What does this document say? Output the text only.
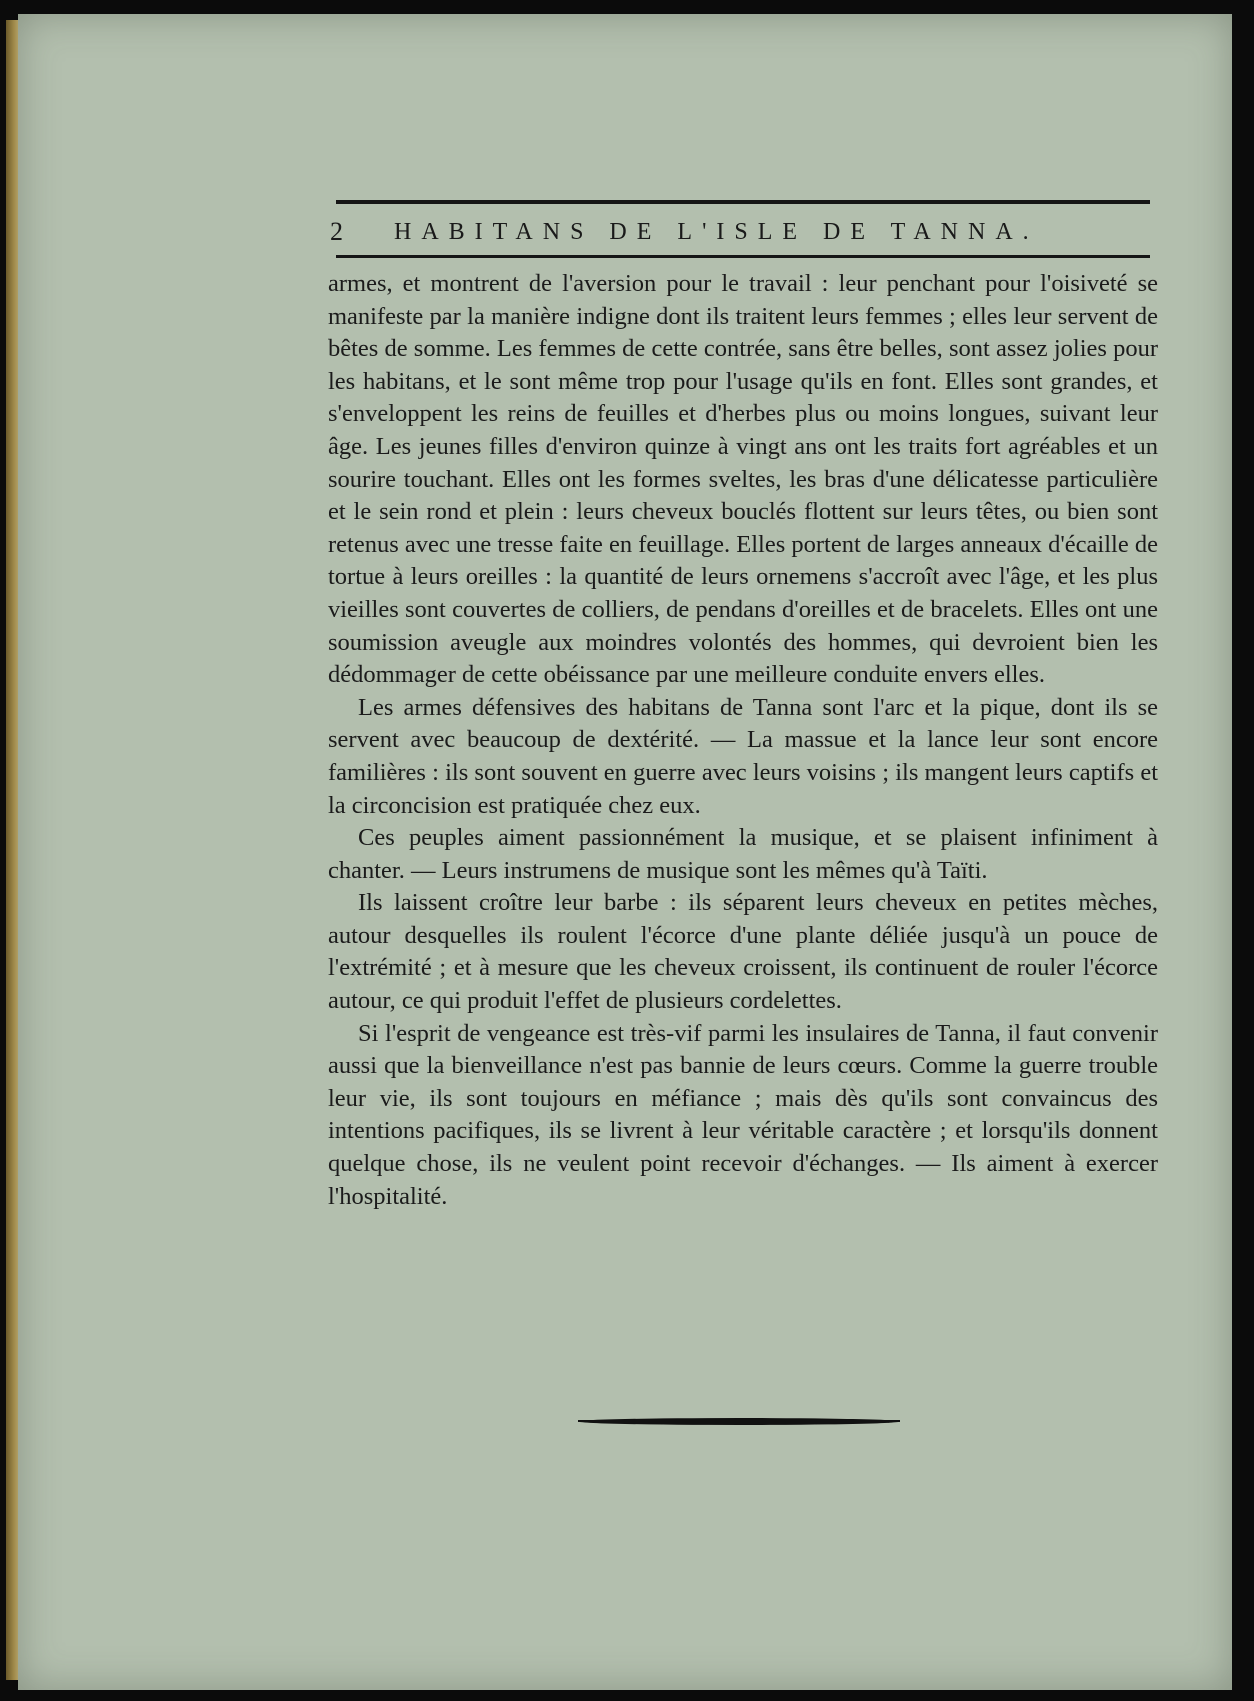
2 HABITANS DE L'ISLE DE TANNA.

armes, et montrent de l'aversion pour le travail : leur penchant pour l'oisiveté se manifeste par la manière indigne dont ils traitent leurs femmes ; elles leur servent de bêtes de somme. Les femmes de cette contrée, sans être belles, sont assez jolies pour les habitans, et le sont même trop pour l'usage qu'ils en font. Elles sont grandes, et s'enveloppent les reins de feuilles et d'herbes plus ou moins longues, suivant leur âge. Les jeunes filles d'environ quinze à vingt ans ont les traits fort agréables et un sourire touchant. Elles ont les formes sveltes, les bras d'une délicatesse particulière et le sein rond et plein : leurs cheveux bouclés flottent sur leurs têtes, ou bien sont retenus avec une tresse faite en feuillage. Elles portent de larges anneaux d'écaille de tortue à leurs oreilles : la quantité de leurs ornemens s'accroît avec l'âge, et les plus vieilles sont couvertes de colliers, de pendans d'oreilles et de bracelets. Elles ont une soumission aveugle aux moindres volontés des hommes, qui devroient bien les dédommager de cette obéissance par une meilleure conduite envers elles.

Les armes défensives des habitans de Tanna sont l'arc et la pique, dont ils se servent avec beaucoup de dextérité. — La massue et la lance leur sont encore familières : ils sont souvent en guerre avec leurs voisins ; ils mangent leurs captifs et la circoncision est pratiquée chez eux.

Ces peuples aiment passionnément la musique, et se plaisent infiniment à chanter. — Leurs instrumens de musique sont les mêmes qu'à Taïti.

Ils laissent croître leur barbe : ils séparent leurs cheveux en petites mèches, autour desquelles ils roulent l'écorce d'une plante déliée jusqu'à un pouce de l'extrémité ; et à mesure que les cheveux croissent, ils continuent de rouler l'écorce autour, ce qui produit l'effet de plusieurs cordelettes.

Si l'esprit de vengeance est très-vif parmi les insulaires de Tanna, il faut convenir aussi que la bienveillance n'est pas bannie de leurs cœurs. Comme la guerre trouble leur vie, ils sont toujours en méfiance ; mais dès qu'ils sont convaincus des intentions pacifiques, ils se livrent à leur véritable caractère ; et lorsqu'ils donnent quelque chose, ils ne veulent point recevoir d'échanges. — Ils aiment à exercer l'hospitalité.
